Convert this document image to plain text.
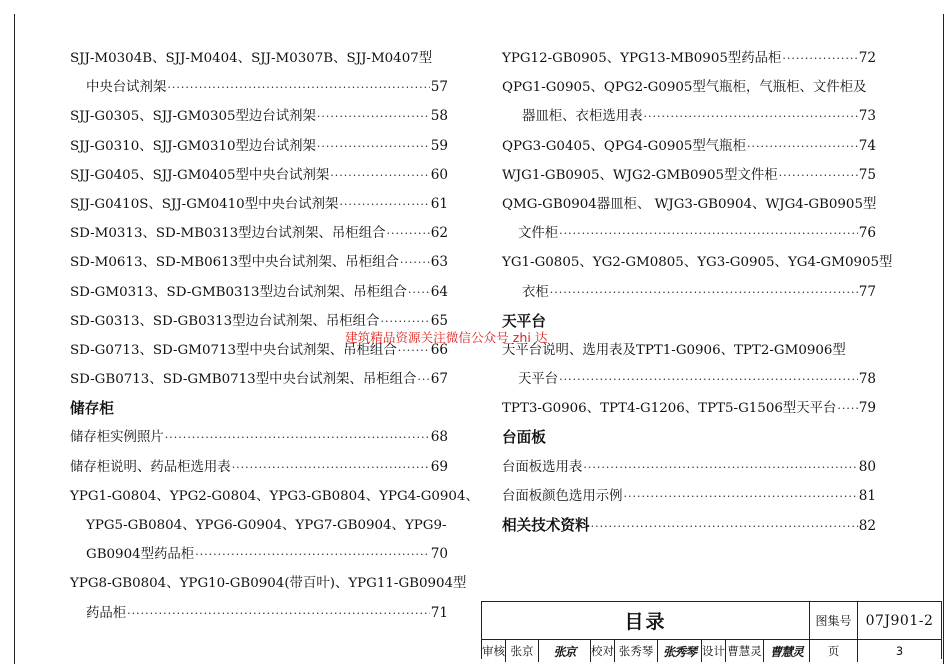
SJJ-M0304B、SJJ-M0404、SJJ-M0307B、SJJ-M0407型
中央台试剂架 ·····	57
SJJ-G0305、SJJ-GM0305型边台试剂架 ·····	58
SJJ-G0310、SJJ-GM0310型边台试剂架 ·····	59
SJJ-G0405、SJJ-GM0405型中央台试剂架 ·····	60
SJJ-G0410S、SJJ-GM0410型中央台试剂架 ·····	61
SD-M0313、SD-MB0313型边台试剂架、吊柜组合 ·····	62
SD-M0613、SD-MB0613型中央台试剂架、吊柜组合 ····· 63
SD-GM0313、SD-GMB0313型边台试剂架、吊柜组合 ····· 64
SD-G0313、SD-GB0313型边台试剂架、吊柜组合 ·····	65
SD-G0713、SD-GM0713型中央台试剂架、吊柜组合 ····· 66
SD-GB0713、SD-GMB0713型中央台试剂架、吊柜组合 ····· 67
储存柜
储存柜实例照片 ·····	68
储存柜说明、药品柜选用表 ·····	69
YPG1-G0804、YPG2-G0804、YPG3-GB0804、YPG4-G0904、
YPG5-GB0804、YPG6-G0904、YPG7-GB0904、YPG9-
GB0904型药品柜 ·····	70
YPG8-GB0804、YPG10-GB0904(带百叶)、YPG11-GB0904型
药品柜 ·····	71
YPG12-GB0905、YPG13-MB0905型药品柜 ·····	72
QPG1-G0905、QPG2-G0905型气瓶柜，气瓶柜、文件柜及
器皿柜、衣柜选用表 ·····	73
QPG3-G0405、QPG4-G0905型气瓶柜 ·····	74
WJG1-GB0905、WJG2-GMB0905型文件柜 ·····	75
QMG-GB0904器皿柜、 WJG3-GB0904、WJG4-GB0905型
文件柜 ·····	76
YG1-G0805、YG2-GM0805、YG3-G0905、YG4-GM0905型
衣柜 ·····	77
天平台
天平台说明、选用表及TPT1-G0906、TPT2-GM0906型
天平台 ·····	78
TPT3-G0906、TPT4-G1206、TPT5-G1506型天平台 ····· 79
台面板
台面板选用表 ·····	80
台面板颜色选用示例 ·····	81
相关技术资料 ·····	82
建筑精品资源关注微信公众号 zhi 达
目录	图集号	07J901-2
审核 张京	张京	校对 张秀琴 张秀琴 设计 曹慧灵 曹慧灵	页	3
